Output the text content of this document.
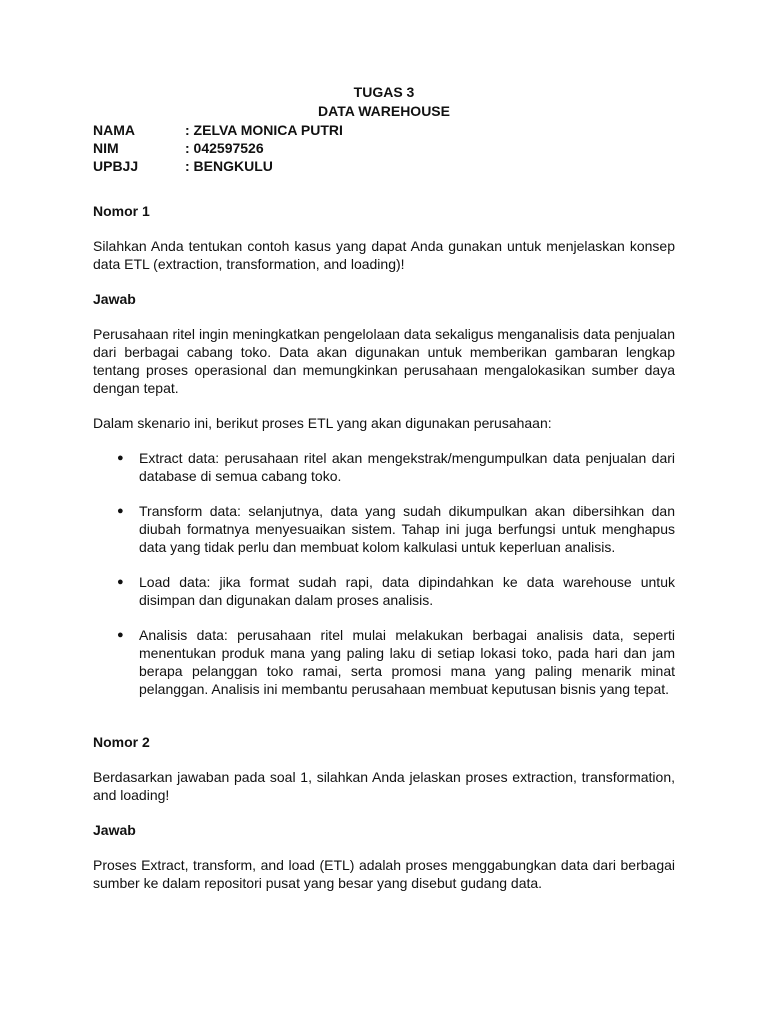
TUGAS 3
DATA WAREHOUSE
NAMA	: ZELVA MONICA PUTRI
NIM	: 042597526
UPBJJ	: BENGKULU
Nomor 1
Silahkan Anda tentukan contoh kasus yang dapat Anda gunakan untuk menjelaskan konsep data ETL (extraction, transformation, and loading)!
Jawab
Perusahaan ritel ingin meningkatkan pengelolaan data sekaligus menganalisis data penjualan dari berbagai cabang toko. Data akan digunakan untuk memberikan gambaran lengkap tentang proses operasional dan memungkinkan perusahaan mengalokasikan sumber daya dengan tepat.
Dalam skenario ini, berikut proses ETL yang akan digunakan perusahaan:
● Extract data: perusahaan ritel akan mengekstrak/mengumpulkan data penjualan dari database di semua cabang toko.
● Transform data: selanjutnya, data yang sudah dikumpulkan akan dibersihkan dan diubah formatnya menyesuaikan sistem. Tahap ini juga berfungsi untuk menghapus data yang tidak perlu dan membuat kolom kalkulasi untuk keperluan analisis.
● Load data: jika format sudah rapi, data dipindahkan ke data warehouse untuk disimpan dan digunakan dalam proses analisis.
● Analisis data: perusahaan ritel mulai melakukan berbagai analisis data, seperti menentukan produk mana yang paling laku di setiap lokasi toko, pada hari dan jam berapa pelanggan toko ramai, serta promosi mana yang paling menarik minat pelanggan. Analisis ini membantu perusahaan membuat keputusan bisnis yang tepat.
Nomor 2
Berdasarkan jawaban pada soal 1, silahkan Anda jelaskan proses extraction, transformation, and loading!
Jawab
Proses Extract, transform, and load (ETL) adalah proses menggabungkan data dari berbagai sumber ke dalam repositori pusat yang besar yang disebut gudang data.
